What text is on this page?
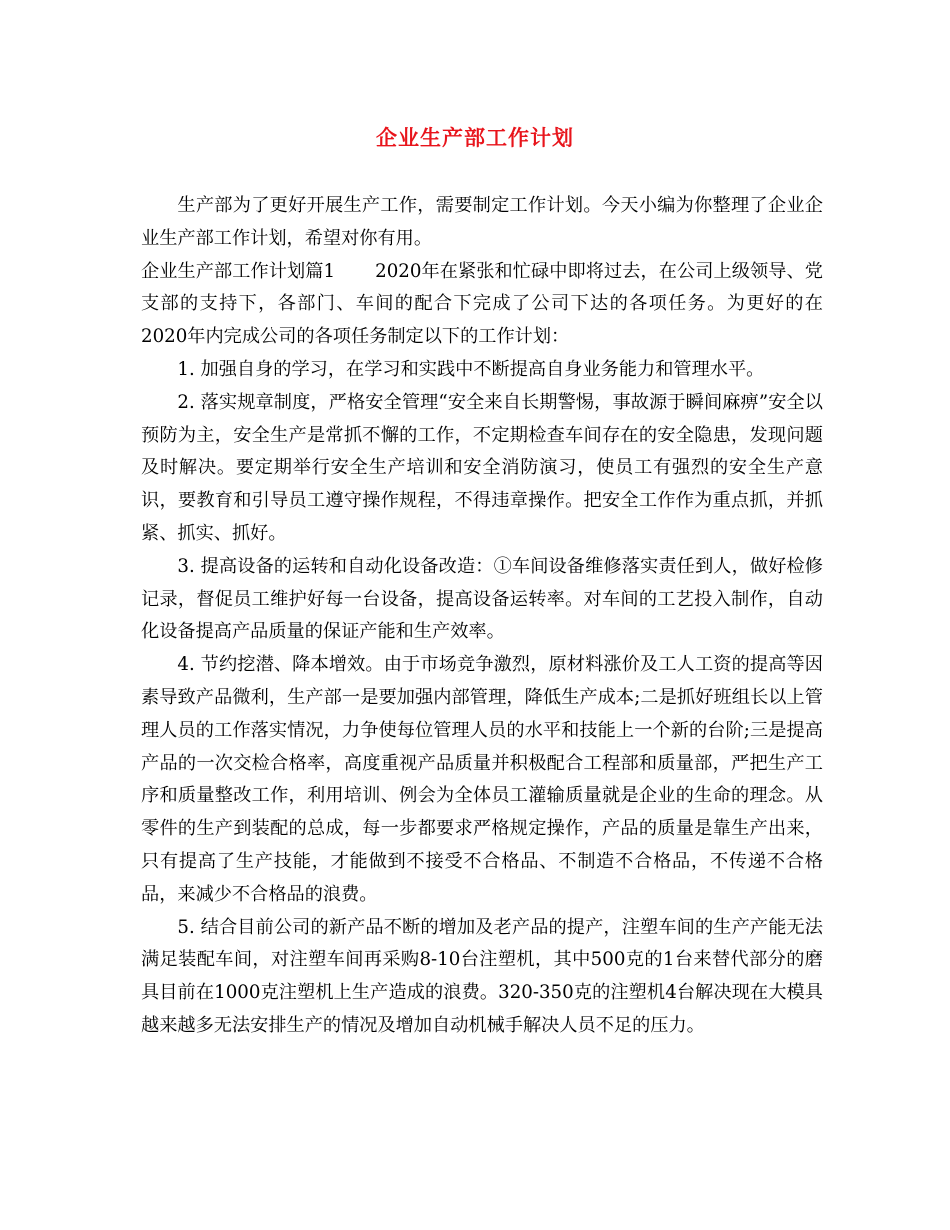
企业生产部工作计划

生产部为了更好开展生产工作，需要制定工作计划。今天小编为你整理了企业企业生产部工作计划，希望对你有用。

企业生产部工作计划篇1 2020年在紧张和忙碌中即将过去，在公司上级领导、党支部的支持下，各部门、车间的配合下完成了公司下达的各项任务。为更好的在2020年内完成公司的各项任务制定以下的工作计划：

1. 加强自身的学习，在学习和实践中不断提高自身业务能力和管理水平。

2. 落实规章制度，严格安全管理“安全来自长期警惕，事故源于瞬间麻痹”安全以预防为主，安全生产是常抓不懈的工作，不定期检查车间存在的安全隐患，发现问题及时解决。要定期举行安全生产培训和安全消防演习，使员工有强烈的安全生产意识，要教育和引导员工遵守操作规程，不得违章操作。把安全工作作为重点抓，并抓紧、抓实、抓好。

3. 提高设备的运转和自动化设备改造：①车间设备维修落实责任到人，做好检修记录，督促员工维护好每一台设备，提高设备运转率。对车间的工艺投入制作，自动化设备提高产品质量的保证产能和生产效率。

4. 节约挖潜、降本增效。由于市场竞争激烈，原材料涨价及工人工资的提高等因素导致产品微利，生产部一是要加强内部管理，降低生产成本;二是抓好班组长以上管理人员的工作落实情况，力争使每位管理人员的水平和技能上一个新的台阶;三是提高产品的一次交检合格率，高度重视产品质量并积极配合工程部和质量部，严把生产工序和质量整改工作，利用培训、例会为全体员工灌输质量就是企业的生命的理念。从零件的生产到装配的总成，每一步都要求严格规定操作，产品的质量是靠生产出来，只有提高了生产技能，才能做到不接受不合格品、不制造不合格品，不传递不合格品，来减少不合格品的浪费。

5. 结合目前公司的新产品不断的增加及老产品的提产，注塑车间的生产产能无法满足装配车间，对注塑车间再采购8-10台注塑机，其中500克的1台来替代部分的磨具目前在1000克注塑机上生产造成的浪费。320-350克的注塑机4台解决现在大模具越来越多无法安排生产的情况及增加自动机械手解决人员不足的压力。
